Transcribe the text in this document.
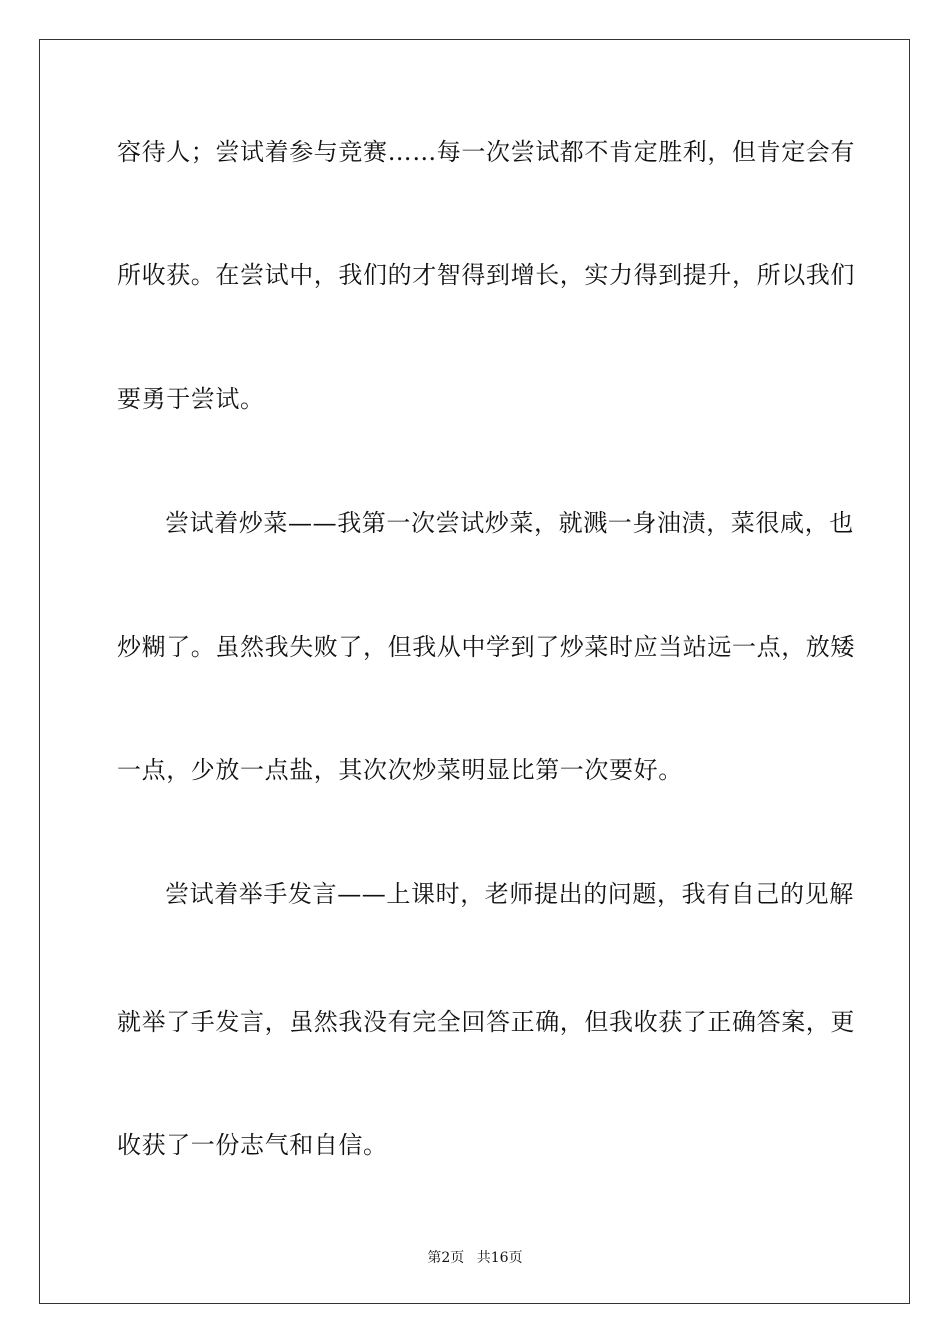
容待人；尝试着参与竞赛……每一次尝试都不肯定胜利，但肯定会有
所收获。在尝试中，我们的才智得到增长，实力得到提升，所以我们
要勇于尝试。
尝试着炒菜——我第一次尝试炒菜，就溅一身油渍，菜很咸，也
炒糊了。虽然我失败了，但我从中学到了炒菜时应当站远一点，放矮
一点，少放一点盐，其次次炒菜明显比第一次要好。
尝试着举手发言——上课时，老师提出的问题，我有自己的见解
就举了手发言，虽然我没有完全回答正确，但我收获了正确答案，更
收获了一份志气和自信。
第2页 共16页
